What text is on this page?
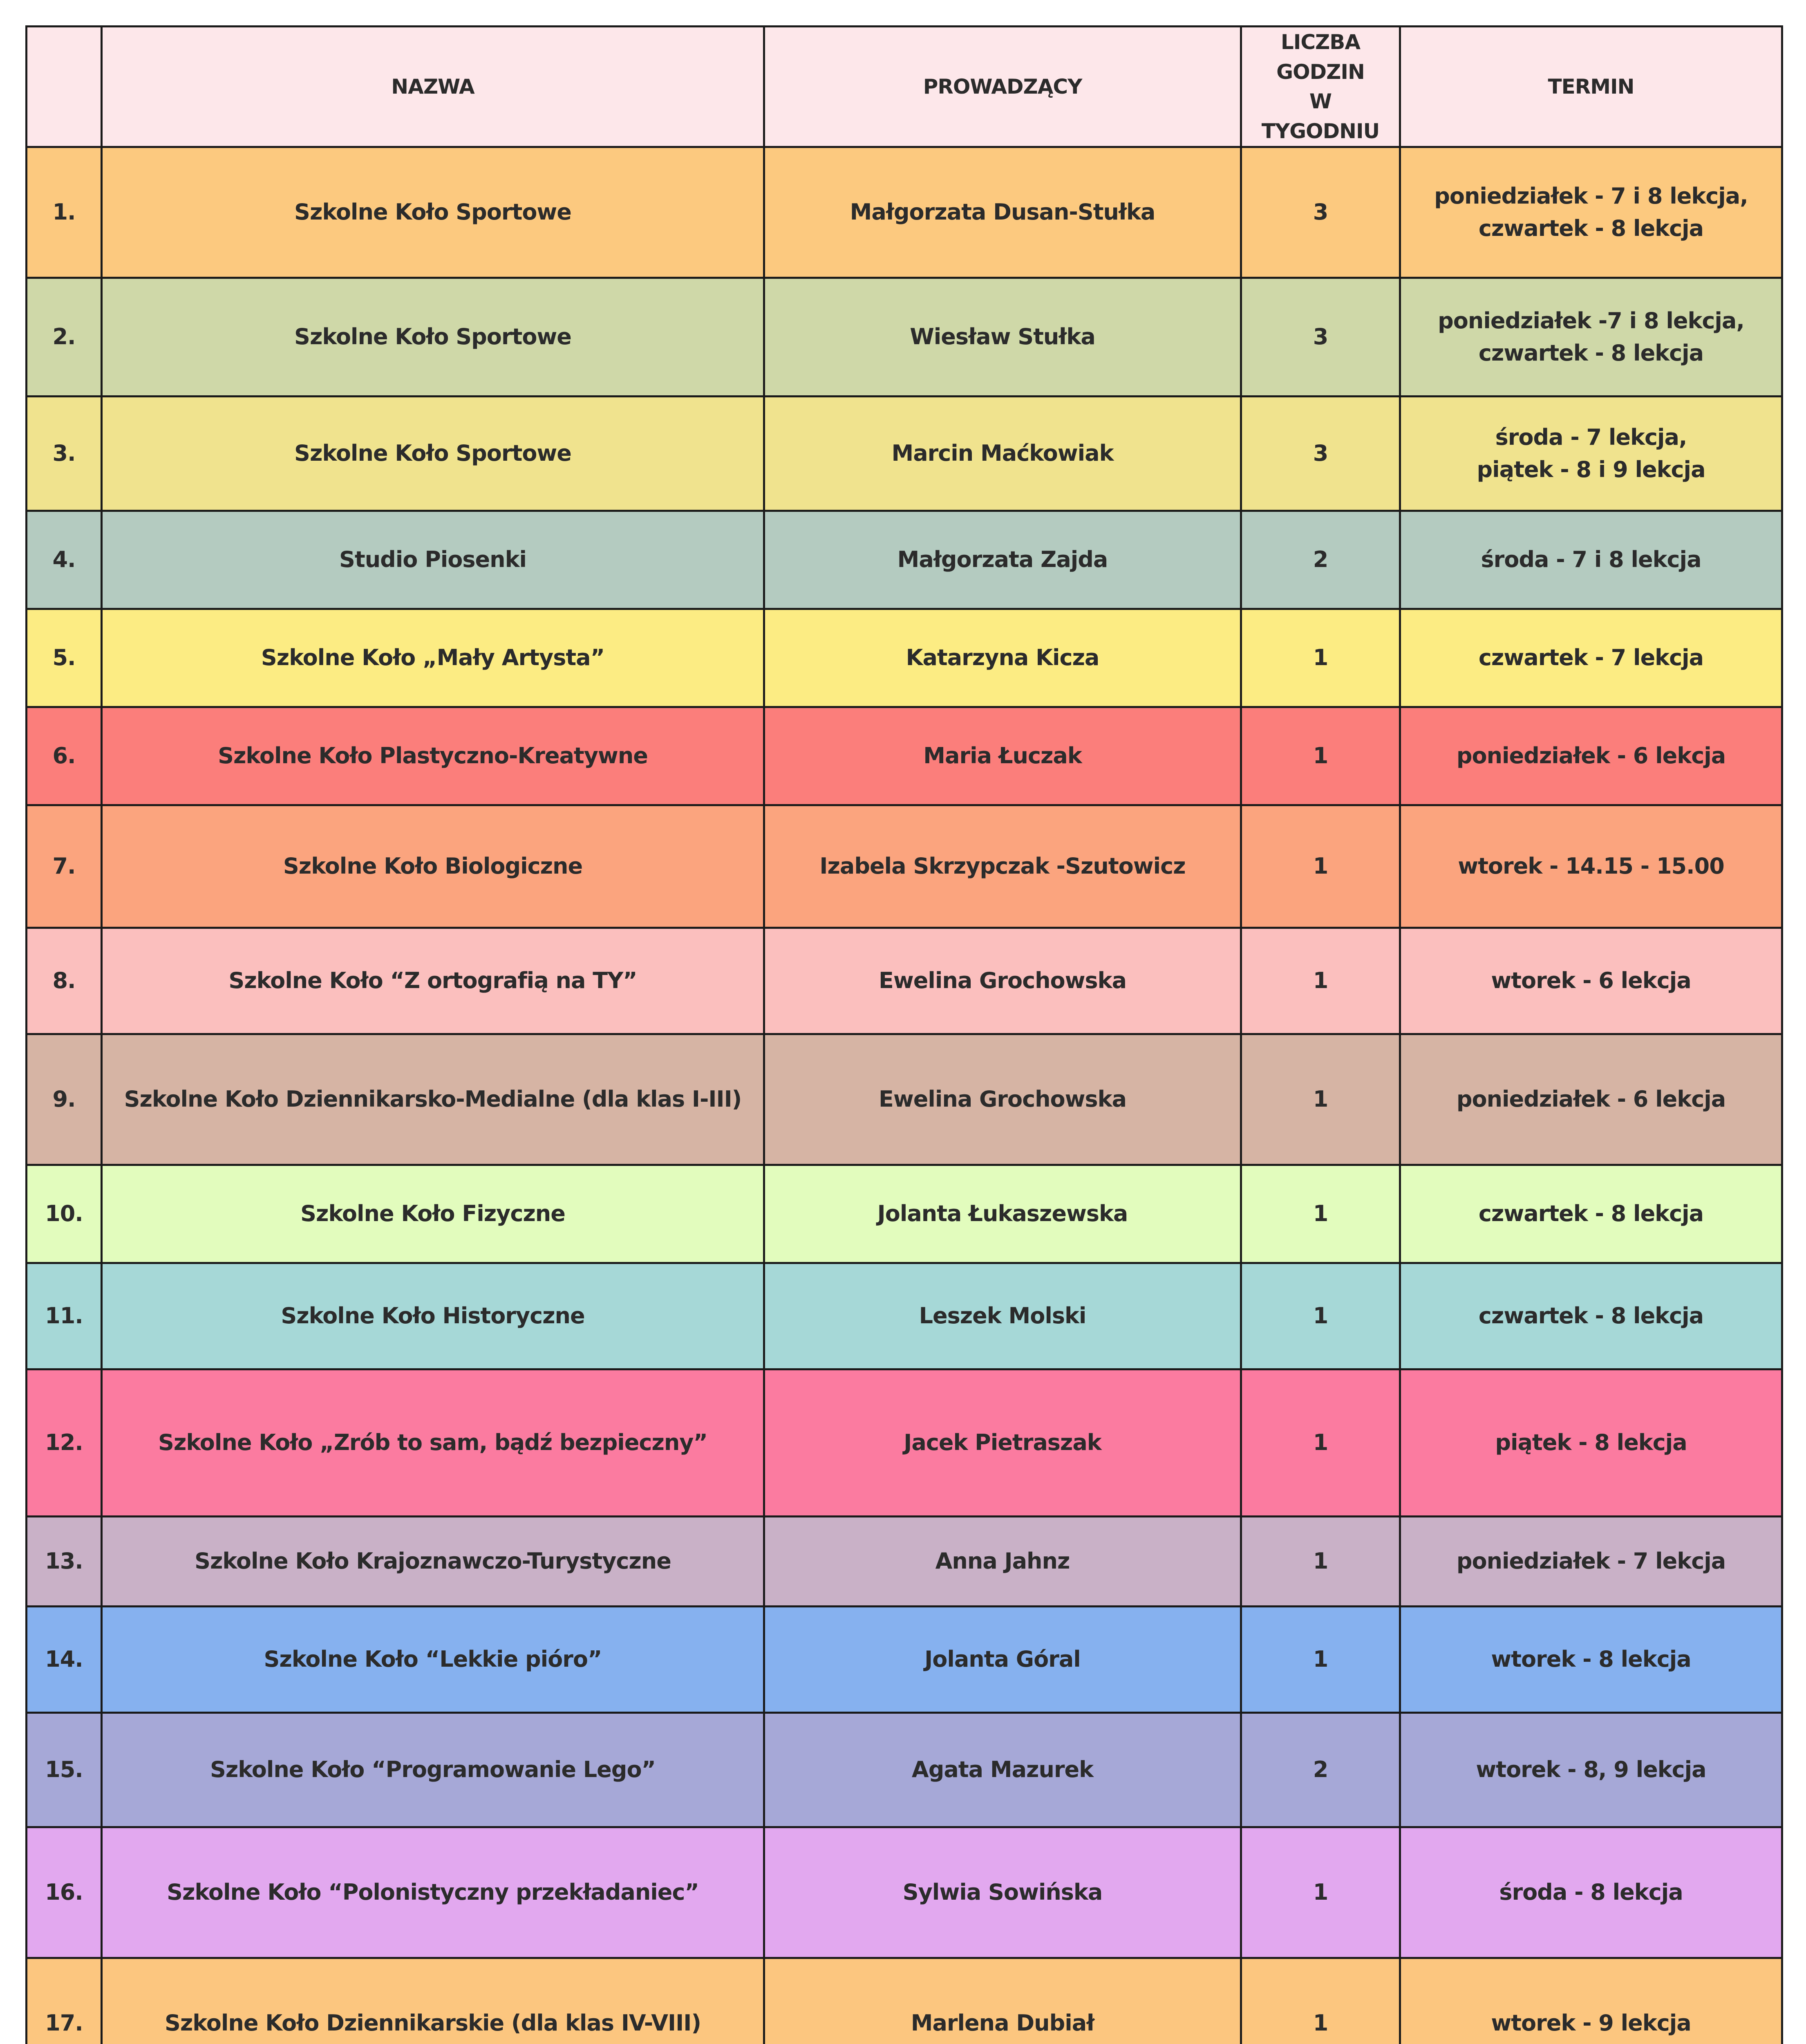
	NAZWA	PROWADZĄCY	LICZBA
GODZIN
W TYGODNIU	TERMIN
1.	Szkolne Koło Sportowe	Małgorzata Dusan-Stułka	3	poniedziałek - 7 i 8 lekcja,
czwartek - 8 lekcja

2.	Szkolne Koło Sportowe	Wiesław Stułka	3	poniedziałek -7 i 8 lekcja,
czwartek - 8 lekcja

3.	Szkolne Koło Sportowe	Marcin Maćkowiak	3	środa - 7 lekcja,
piątek - 8 i 9 lekcja

4.	Studio Piosenki	Małgorzata Zajda	2	środa - 7 i 8 lekcja

5.	Szkolne Koło „Mały Artysta”	Katarzyna Kicza	1	czwartek - 7 lekcja

6.	Szkolne Koło Plastyczno-Kreatywne	Maria Łuczak	1	poniedziałek - 6 lekcja

7.	Szkolne Koło Biologiczne	Izabela Skrzypczak -Szutowicz	1	wtorek - 14.15 - 15.00

8.	Szkolne Koło “Z ortografią na TY”	Ewelina Grochowska	1	wtorek - 6 lekcja

9.	Szkolne Koło Dziennikarsko-Medialne (dla klas I-III)	Ewelina Grochowska	1	poniedziałek - 6 lekcja

10.	Szkolne Koło Fizyczne	Jolanta Łukaszewska	1	czwartek - 8 lekcja

11.	Szkolne Koło Historyczne	Leszek Molski	1	czwartek - 8 lekcja

12.	Szkolne Koło „Zrób to sam, bądź bezpieczny”	Jacek Pietraszak	1	piątek - 8 lekcja

13.	Szkolne Koło Krajoznawczo-Turystyczne	Anna Jahnz	1	poniedziałek - 7 lekcja

14.	Szkolne Koło “Lekkie pióro”	Jolanta Góral	1	wtorek - 8 lekcja

15.	Szkolne Koło “Programowanie Lego”	Agata Mazurek	2	wtorek - 8, 9 lekcja

16.	Szkolne Koło “Polonistyczny przekładaniec”	Sylwia Sowińska	1	środa - 8 lekcja

17.	Szkolne Koło Dziennikarskie (dla klas IV-VIII)	Marlena Dubiał	1	wtorek - 9 lekcja
